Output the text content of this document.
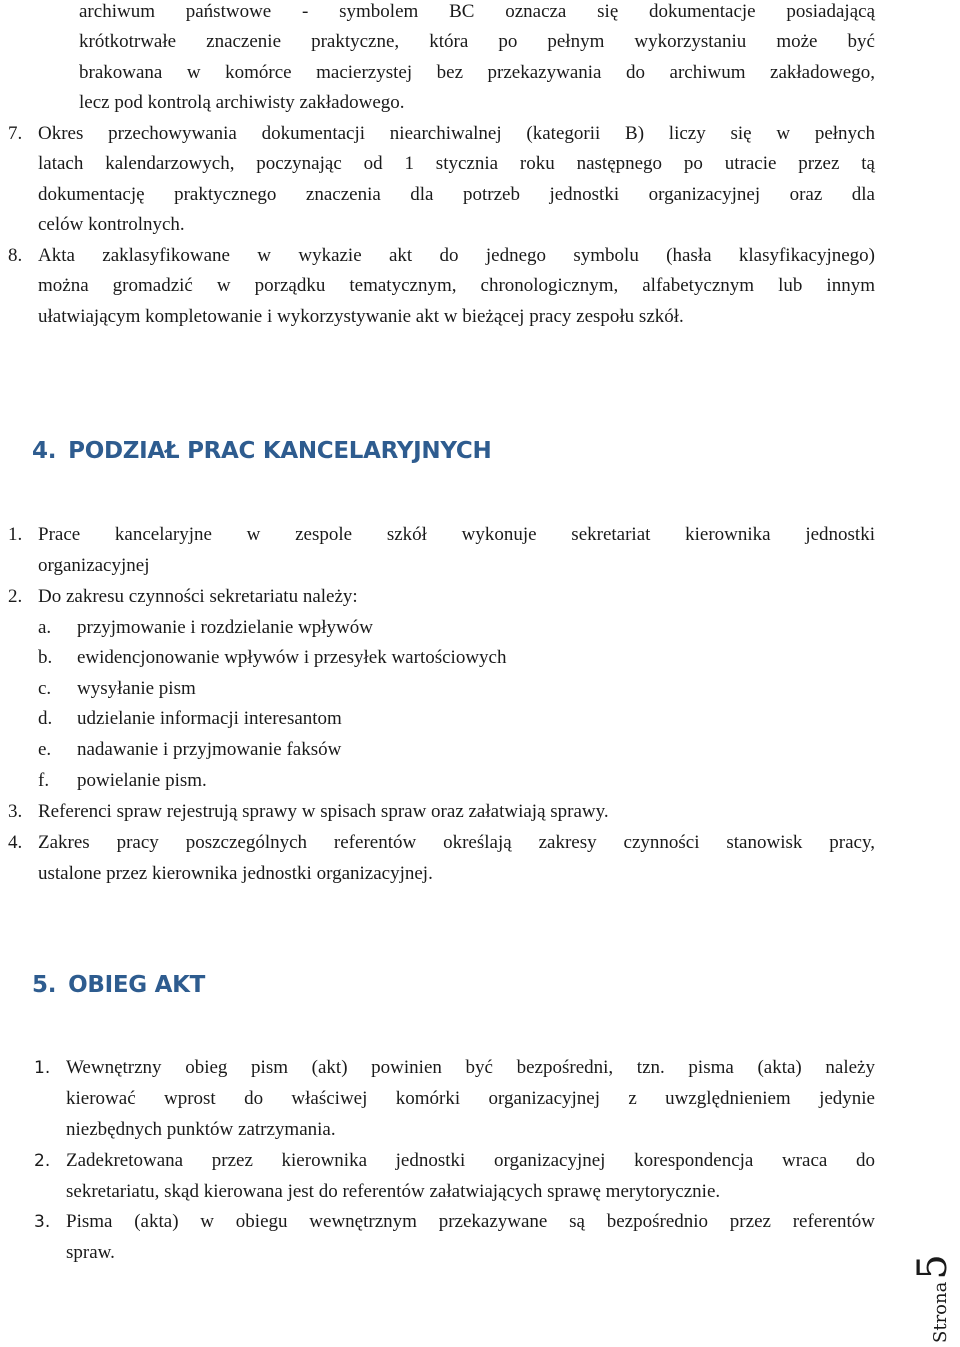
archiwum państwowe - symbolem BC oznacza się dokumentacje posiadającą
krótkotrwałe znaczenie praktyczne, która po pełnym wykorzystaniu może być
brakowana w komórce macierzystej bez przekazywania do archiwum zakładowego,
lecz pod kontrolą archiwisty zakładowego.
7. Okres przechowywania dokumentacji niearchiwalnej (kategorii B) liczy się w pełnych
latach kalendarzowych, poczynając od 1 stycznia roku następnego po utracie przez tą
dokumentację praktycznego znaczenia dla potrzeb jednostki organizacyjnej oraz dla
celów kontrolnych.
8. Akta zaklasyfikowane w wykazie akt do jednego symbolu (hasła klasyfikacyjnego)
można gromadzić w porządku tematycznym, chronologicznym, alfabetycznym lub innym
ułatwiającym kompletowanie i wykorzystywanie akt w bieżącej pracy zespołu szkół.
4. PODZIAŁ PRAC KANCELARYJNYCH
1. Prace kancelaryjne w zespole szkół wykonuje sekretariat kierownika jednostki
organizacyjnej
2. Do zakresu czynności sekretariatu należy:
a. przyjmowanie i rozdzielanie wpływów
b. ewidencjonowanie wpływów i przesyłek wartościowych
c. wysyłanie pism
d. udzielanie informacji interesantom
e. nadawanie i przyjmowanie faksów
f. powielanie pism.
3. Referenci spraw rejestrują sprawy w spisach spraw oraz załatwiają sprawy.
4. Zakres pracy poszczególnych referentów określają zakresy czynności stanowisk pracy,
ustalone przez kierownika jednostki organizacyjnej.
5. OBIEG AKT
1. Wewnętrzny obieg pism (akt) powinien być bezpośredni, tzn. pisma (akta) należy
kierować wprost do właściwej komórki organizacyjnej z uwzględnieniem jedynie
niezbędnych punktów zatrzymania.
2. Zadekretowana przez kierownika jednostki organizacyjnej korespondencja wraca do
sekretariatu, skąd kierowana jest do referentów załatwiających sprawę merytorycznie.
3. Pisma (akta) w obiegu wewnętrznym przekazywane są bezpośrednio przez referentów
spraw.
Strona5
